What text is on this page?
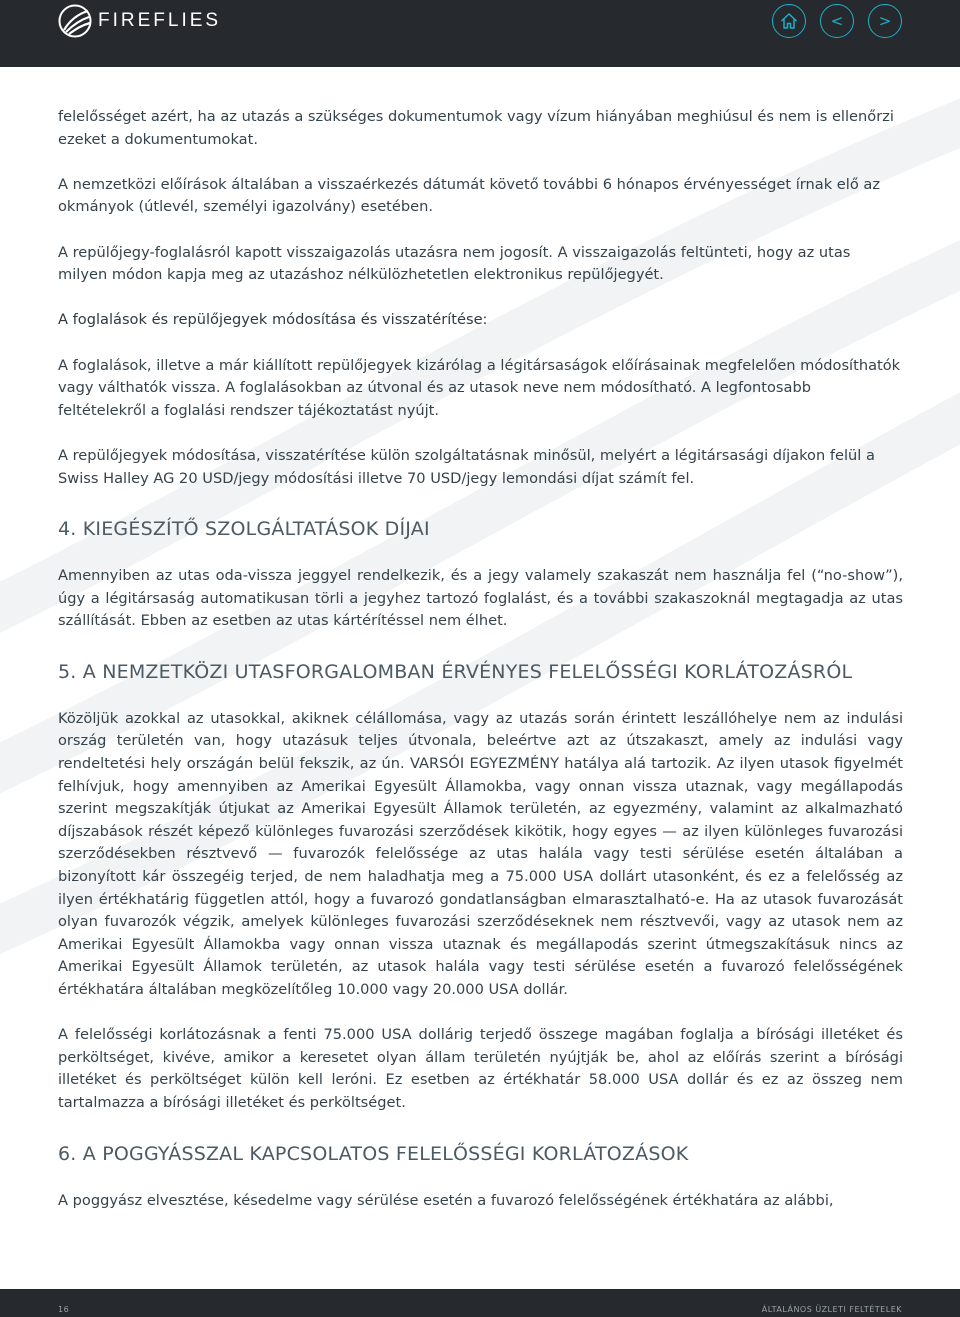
FIREFLIES	< >

felelősséget azért, ha az utazás a szükséges dokumentumok vagy vízum hiányában meghiúsul és nem is ellenőrzi ezeket a dokumentumokat.

A nemzetközi előírások általában a visszaérkezés dátumát követő további 6 hónapos érvényességet írnak elő az okmányok (útlevél, személyi igazolvány) esetében.

A repülőjegy-foglalásról kapott visszaigazolás utazásra nem jogosít. A visszaigazolás feltünteti, hogy az utas milyen módon kapja meg az utazáshoz nélkülözhetetlen elektronikus repülőjegyét.

A foglalások és repülőjegyek módosítása és visszatérítése:

A foglalások, illetve a már kiállított repülőjegyek kizárólag a légitársaságok előírásainak megfelelően módosíthatók vagy válthatók vissza. A foglalásokban az útvonal és az utasok neve nem módosítható. A legfontosabb feltételekről a foglalási rendszer tájékoztatást nyújt.

A repülőjegyek módosítása, visszatérítése külön szolgáltatásnak minősül, melyért a légitársasági díjakon felül a Swiss Halley AG 20 USD/jegy módosítási illetve 70 USD/jegy lemondási díjat számít fel.

4. KIEGÉSZÍTŐ SZOLGÁLTATÁSOK DÍJAI

Amennyiben az utas oda-vissza jeggyel rendelkezik, és a jegy valamely szakaszát nem használja fel (“no-show”), úgy a légitársaság automatikusan törli a jegyhez tartozó foglalást, és a további szakaszoknál megtagadja az utas szállítását. Ebben az esetben az utas kártérítéssel nem élhet.

5. A NEMZETKÖZI UTASFORGALOMBAN ÉRVÉNYES FELELŐSSÉGI KORLÁTOZÁSRÓL

Közöljük azokkal az utasokkal, akiknek célállomása, vagy az utazás során érintett leszállóhelye nem az indulási ország területén van, hogy utazásuk teljes útvonala, beleértve azt az útszakaszt, amely az indulási vagy rendeltetési hely országán belül fekszik, az ún. VARSÓI EGYEZMÉNY hatálya alá tartozik. Az ilyen utasok figyelmét felhívjuk, hogy amennyiben az Amerikai Egyesült Államokba, vagy onnan vissza utaznak, vagy megállapodás szerint megszakítják útjukat az Amerikai Egyesült Államok területén, az egyezmény, valamint az alkalmazható díjszabások részét képező különleges fuvarozási szerződések kikötik, hogy egyes — az ilyen különleges fuvarozási szerződésekben résztvevő — fuvarozók felelőssége az utas halála vagy testi sérülése esetén általában a bizonyított kár összegéig terjed, de nem haladhatja meg a 75.000 USA dollárt utasonként, és ez a felelősség az ilyen értékhatárig független attól, hogy a fuvarozó gondatlanságban elmarasztalható-e. Ha az utasok fuvarozását olyan fuvarozók végzik, amelyek különleges fuvarozási szerződéseknek nem résztvevői, vagy az utasok nem az Amerikai Egyesült Államokba vagy onnan vissza utaznak és megállapodás szerint útmegszakításuk nincs az Amerikai Egyesült Államok területén, az utasok halála vagy testi sérülése esetén a fuvarozó felelősségének értékhatára általában megközelítőleg 10.000 vagy 20.000 USA dollár.

A felelősségi korlátozásnak a fenti 75.000 USA dollárig terjedő összege magában foglalja a bírósági illetéket és perköltséget, kivéve, amikor a keresetet olyan állam területén nyújtják be, ahol az előírás szerint a bírósági illetéket és perköltséget külön kell leróni. Ez esetben az értékhatár 58.000 USA dollár és ez az összeg nem tartalmazza a bírósági illetéket és perköltséget.

6. A POGGYÁSSZAL KAPCSOLATOS FELELŐSSÉGI KORLÁTOZÁSOK

A poggyász elvesztése, késedelme vagy sérülése esetén a fuvarozó felelősségének értékhatára az alábbi,

16	ÁLTALÁNOS ÜZLETI FELTÉTELEK
